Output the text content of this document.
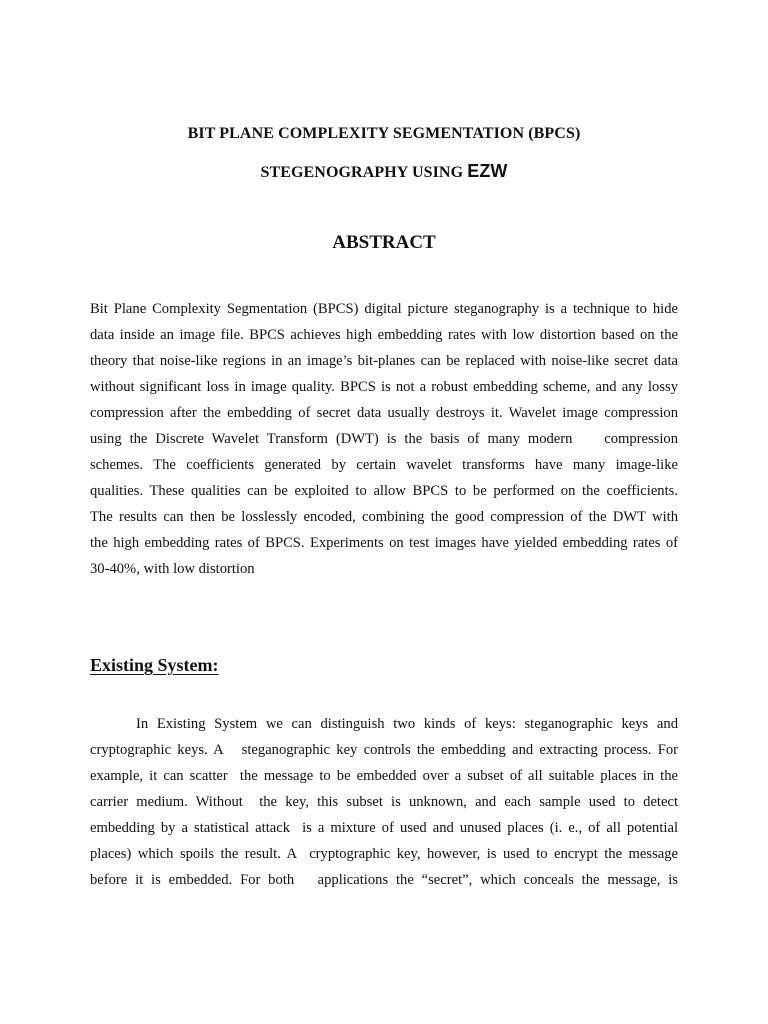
BIT PLANE COMPLEXITY SEGMENTATION (BPCS)
STEGENOGRAPHY USING EZW
ABSTRACT
Bit Plane Complexity Segmentation (BPCS) digital picture steganography is a technique to hide
data inside an image file. BPCS achieves high embedding rates with low distortion based on the
theory that noise-like regions in an image’s bit-planes can be replaced with noise-like secret data
without significant loss in image quality. BPCS is not a robust embedding scheme, and any lossy
compression after the embedding of secret data usually destroys it. Wavelet image compression
using the Discrete Wavelet Transform (DWT) is the basis of many modern    compression
schemes. The coefficients generated by certain wavelet transforms have many image-like
qualities. These qualities can be exploited to allow BPCS to be performed on the coefficients.
The results can then be losslessly encoded, combining the good compression of the DWT with
the high embedding rates of BPCS. Experiments on test images have yielded embedding rates of
30-40%, with low distortion
Existing System:
In Existing System we can distinguish two kinds of keys: steganographic keys and
cryptographic keys. A   steganographic key controls the embedding and extracting process. For
example, it can scatter  the message to be embedded over a subset of all suitable places in the
carrier medium. Without  the key, this subset is unknown, and each sample used to detect
embedding by a statistical attack  is a mixture of used and unused places (i. e., of all potential
places) which spoils the result. A  cryptographic key, however, is used to encrypt the message
before it is embedded. For both   applications the “secret”, which conceals the message, is
